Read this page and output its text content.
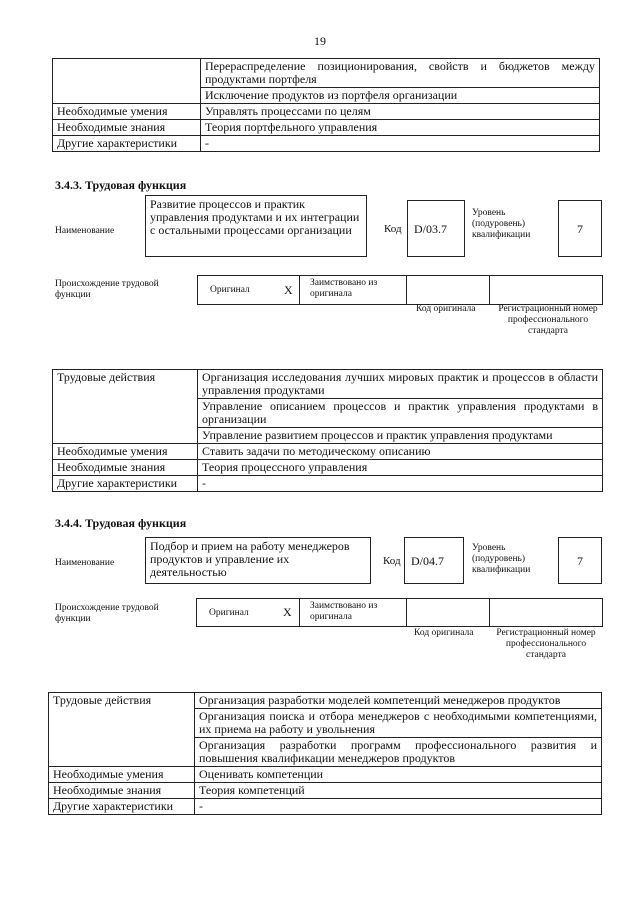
19
	Перераспределение позиционирования, свойств и бюджетов между продуктами портфеля
	Исключение продуктов из портфеля организации
Необходимые умения	Управлять процессами по целям
Необходимые знания	Теория портфельного управления
Другие характеристики	-
3.4.3. Трудовая функция
Наименование
Развитие процессов и практик управления продуктами и их интеграции с остальными процессами организации	Код	D/03.7
Уровень (подуровень) квалификации	7
Происхождение трудовой функции	Оригинал	X	Заимствовано из оригинала
Код оригинала Регистрационный номер профессионального стандарта
Трудовые действия	Организация исследования лучших мировых практик и процессов в области управления продуктами
	Управление описанием процессов и практик управления продуктами в организации
	Управление развитием процессов и практик управления продуктами
Необходимые умения	Ставить задачи по методическому описанию
Необходимые знания	Теория процессного управления
Другие характеристики	-
3.4.4. Трудовая функция
Наименование
Подбор и прием на работу менеджеров продуктов и управление их деятельностью
Код D/04.7
Уровень (подуровень) квалификации
7
Происхождение трудовой функции
Оригинал	X	Заимствовано из оригинала
Код оригинала Регистрационный номер профессионального стандарта
Трудовые действия	Организация разработки моделей компетенций менеджеров продуктов
	Организация поиска и отбора менеджеров с необходимыми компетенциями, их приема на работу и увольнения
	Организация разработки программ профессионального развития и повышения квалификации менеджеров продуктов
Необходимые умения	Оценивать компетенции
Необходимые знания	Теория компетенций
Другие характеристики	-
